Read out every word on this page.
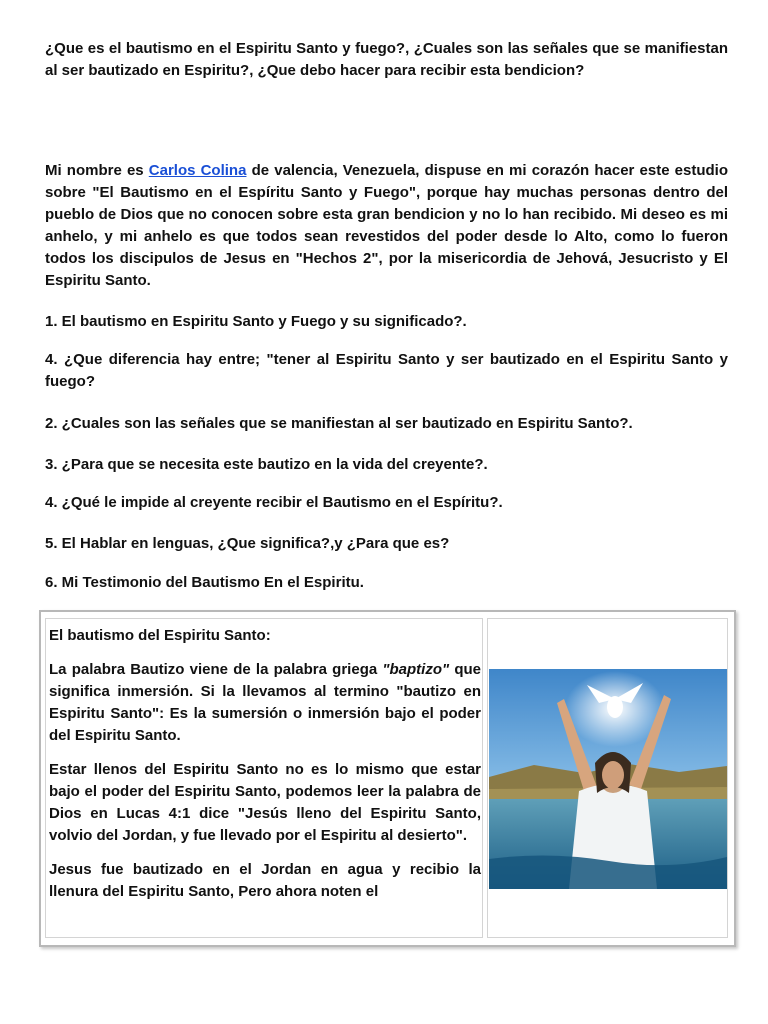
¿Que es el bautismo en el Espiritu Santo y fuego?, ¿Cuales son las señales que se manifiestan al ser bautizado en Espiritu?, ¿Que debo hacer para recibir esta bendicion?

Mi nombre es Carlos Colina de valencia, Venezuela, dispuse en mi corazón hacer este estudio sobre "El Bautismo en el Espíritu Santo y Fuego", porque hay muchas personas dentro del pueblo de Dios que no conocen sobre esta gran bendicion y no lo han recibido. Mi deseo es mi anhelo, y mi anhelo es que todos sean revestidos del poder desde lo Alto, como lo fueron todos los discipulos de Jesus en "Hechos 2", por la misericordia de Jehová, Jesucristo y El Espiritu Santo.

1. El bautismo en Espiritu Santo y Fuego y su significado?.

4. ¿Que diferencia hay entre; "tener al Espiritu Santo y ser bautizado en el Espiritu Santo y fuego?

2. ¿Cuales son las señales que se manifiestan al ser bautizado en Espiritu Santo?.

3. ¿Para que se necesita este bautizo en la vida del creyente?.

4. ¿Qué le impide al creyente recibir el Bautismo en el Espíritu?.

5. El Hablar en lenguas, ¿Que significa?,y ¿Para que es?

6. Mi Testimonio del Bautismo En el Espiritu.

El bautismo del Espiritu Santo:

La palabra Bautizo viene de la palabra griega "baptizo" que significa inmersión. Si la llevamos al termino "bautizo en Espiritu Santo": Es la sumersión o inmersión bajo el poder del Espiritu Santo.

Estar llenos del Espiritu Santo no es lo mismo que estar bajo el poder del Espiritu Santo, podemos leer la palabra de Dios en Lucas 4:1 dice "Jesús lleno del Espiritu Santo, volvio del Jordan, y fue llevado por el Espiritu al desierto".

Jesus fue bautizado en el Jordan en agua y recibio la llenura del Espiritu Santo, Pero ahora noten el
